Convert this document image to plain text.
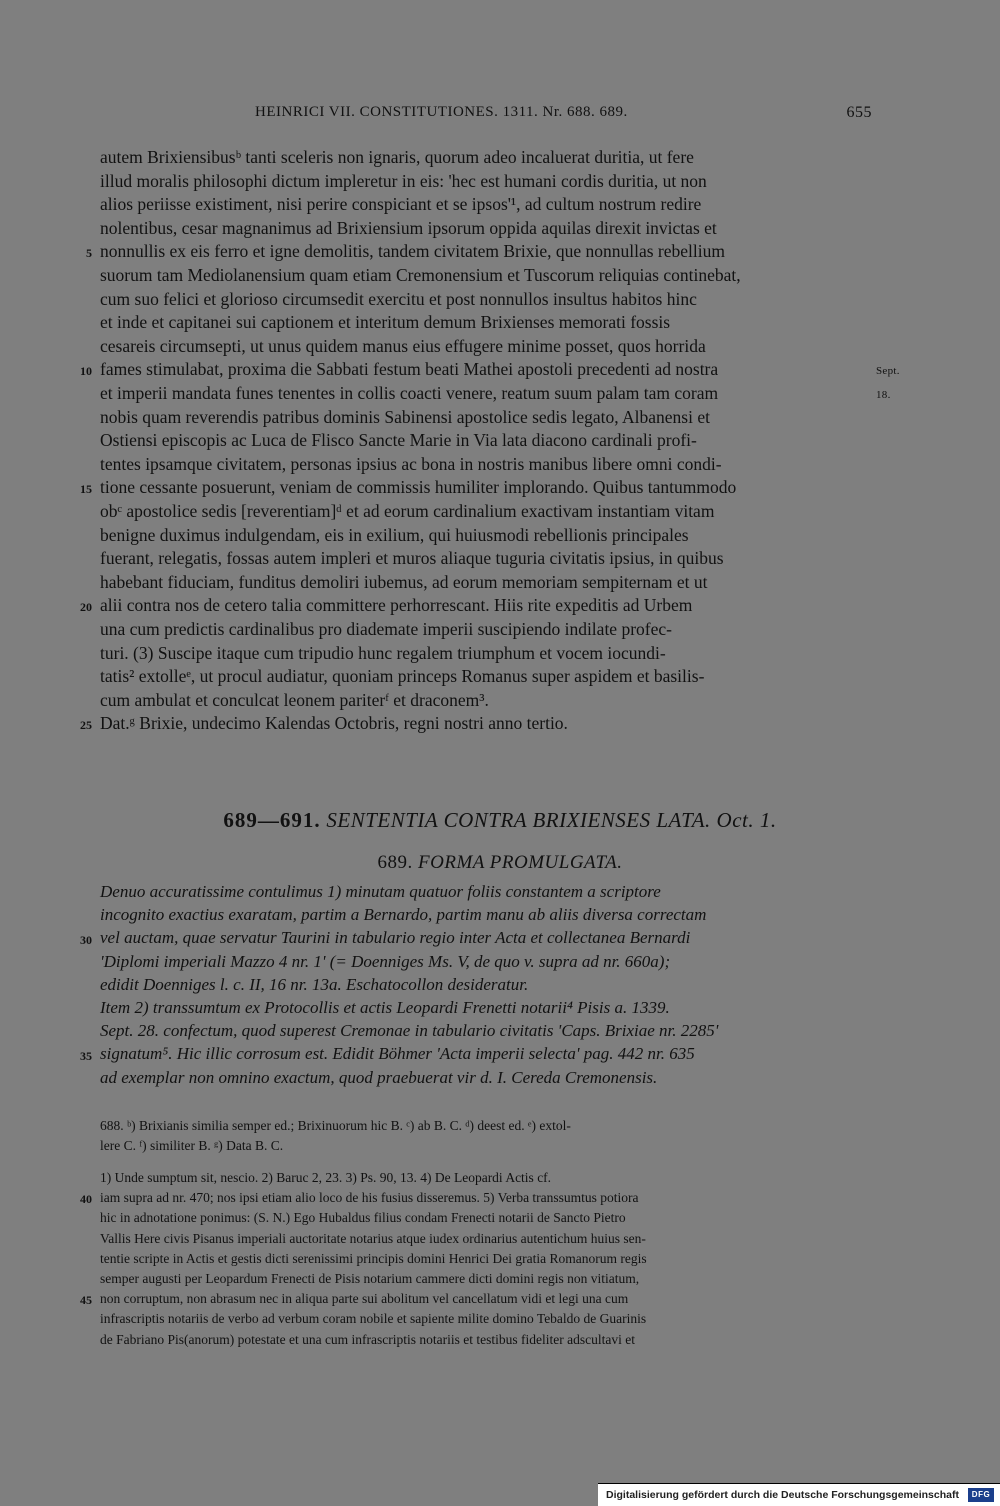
HEINRICI VII. CONSTITUTIONES. 1311. Nr. 688. 689.	655
autem Brixiensibusᵇ tanti sceleris non ignaris, quorum adeo incaluerat duritia, ut fere
illud moralis philosophi dictum impleretur in eis: 'hec est humani cordis duritia, ut non
alios periisse existiment, nisi perire conspiciant et se ipsos'¹, ad cultum nostrum redire
nolentibus, cesar magnanimus ad Brixiensium ipsorum oppida aquilas direxit invictas et
nonnullis ex eis ferro et igne demolitis, tandem civitatem Brixie, que nonnullas rebellium
suorum tam Mediolanensium quam etiam Cremonensium et Tuscorum reliquias continebat,
cum suo felici et glorioso circumsedit exercitu et post nonnullos insultus habitos hinc
et inde et capitanei sui captionem et interitum demum Brixienses memorati fossis
cesareis circumsepti, ut unus quidem manus eius effugere minime posset, quos horrida
fames stimulabat, proxima die Sabbati festum beati Mathei apostoli precedenti ad nostra
et imperii mandata funes tenentes in collis coacti venere, reatum suum palam tam coram
nobis quam reverendis patribus dominis Sabinensi apostolice sedis legato, Albanensi et
Ostiensi episcopis ac Luca de Flisco Sancte Marie in Via lata diacono cardinali profi-
tentes ipsamque civitatem, personas ipsius ac bona in nostris manibus libere omni condi-
tione cessante posuerunt, veniam de commissis humiliter implorando. Quibus tantummodo
obᶜ apostolice sedis [reverentiam]ᵈ et ad eorum cardinalium exactivam instantiam vitam
benigne duximus indulgendam, eis in exilium, qui huiusmodi rebellionis principales
fuerant, relegatis, fossas autem impleri et muros aliaque tuguria civitatis ipsius, in quibus
habebant fiduciam, funditus demoliri iubemus, ad eorum memoriam sempiternam et ut
alii contra nos de cetero talia committere perhorrescant. Hiis rite expeditis ad Urbem
una cum predictis cardinalibus pro diademate imperii suscipiendo indilate profec-
turi. (3) Suscipe itaque cum tripudio hunc regalem triumphum et vocem iocundi-
tatis² extolleᵉ, ut procul audiatur, quoniam princeps Romanus super aspidem et basilis-
cum ambulat et conculcat leonem pariterᶠ et draconem³.
Dat.ᵍ Brixie, undecimo Kalendas Octobris, regni nostri anno tertio.
5
10
15
20
25
Sept. 18.
689—691. SENTENTIA CONTRA BRIXIENSES LATA. Oct. 1.
689. FORMA PROMULGATA.
Denuo accuratissime contulimus 1) minutam quatuor foliis constantem a scriptore
incognito exactius exaratam, partim a Bernardo, partim manu ab aliis diversa correctam
vel auctam, quae servatur Taurini in tabulario regio inter Acta et collectanea Bernardi
'Diplomi imperiali Mazzo 4 nr. 1' (= Doenniges Ms. V, de quo v. supra ad nr. 660a);
edidit Doenniges l. c. II, 16 nr. 13a. Eschatocollon desideratur.
Item 2) transsumtum ex Protocollis et actis Leopardi Frenetti notarii⁴ Pisis a. 1339.
Sept. 28. confectum, quod superest Cremonae in tabulario civitatis 'Caps. Brixiae nr. 2285'
signatum⁵. Hic illic corrosum est. Edidit Böhmer 'Acta imperii selecta' pag. 442 nr. 635
ad exemplar non omnino exactum, quod praebuerat vir d. I. Cereda Cremonensis.
30
35
688. ᵇ) Brixianis similia semper ed.; Brixinuorum hic B. ᶜ) ab B. C. ᵈ) deest ed. ᵉ) extol-
lere C. ᶠ) similiter B. ᵍ) Data B. C.
1) Unde sumptum sit, nescio. 2) Baruc 2, 23. 3) Ps. 90, 13. 4) De Leopardi Actis cf.
iam supra ad nr. 470; nos ipsi etiam alio loco de his fusius disseremus. 5) Verba transsumtus potiora
hic in adnotatione ponimus: (S. N.) Ego Hubaldus filius condam Frenecti notarii de Sancto Pietro
Vallis Here civis Pisanus imperiali auctoritate notarius atque iudex ordinarius autentichum huius sen-
tentie scripte in Actis et gestis dicti serenissimi principis domini Henrici Dei gratia Romanorum regis
semper augusti per Leopardum Frenecti de Pisis notarium cammere dicti domini regis non vitiatum,
non corruptum, non abrasum nec in aliqua parte sui abolitum vel cancellatum vidi et legi una cum
infrascriptis notariis de verbo ad verbum coram nobile et sapiente milite domino Tebaldo de Guarinis
de Fabriano Pis(anorum) potestate et una cum infrascriptis notariis et testibus fideliter adscultavi et
40
45
Digitalisierung gefördert durch die Deutsche Forschungsgemeinschaft	DFG
